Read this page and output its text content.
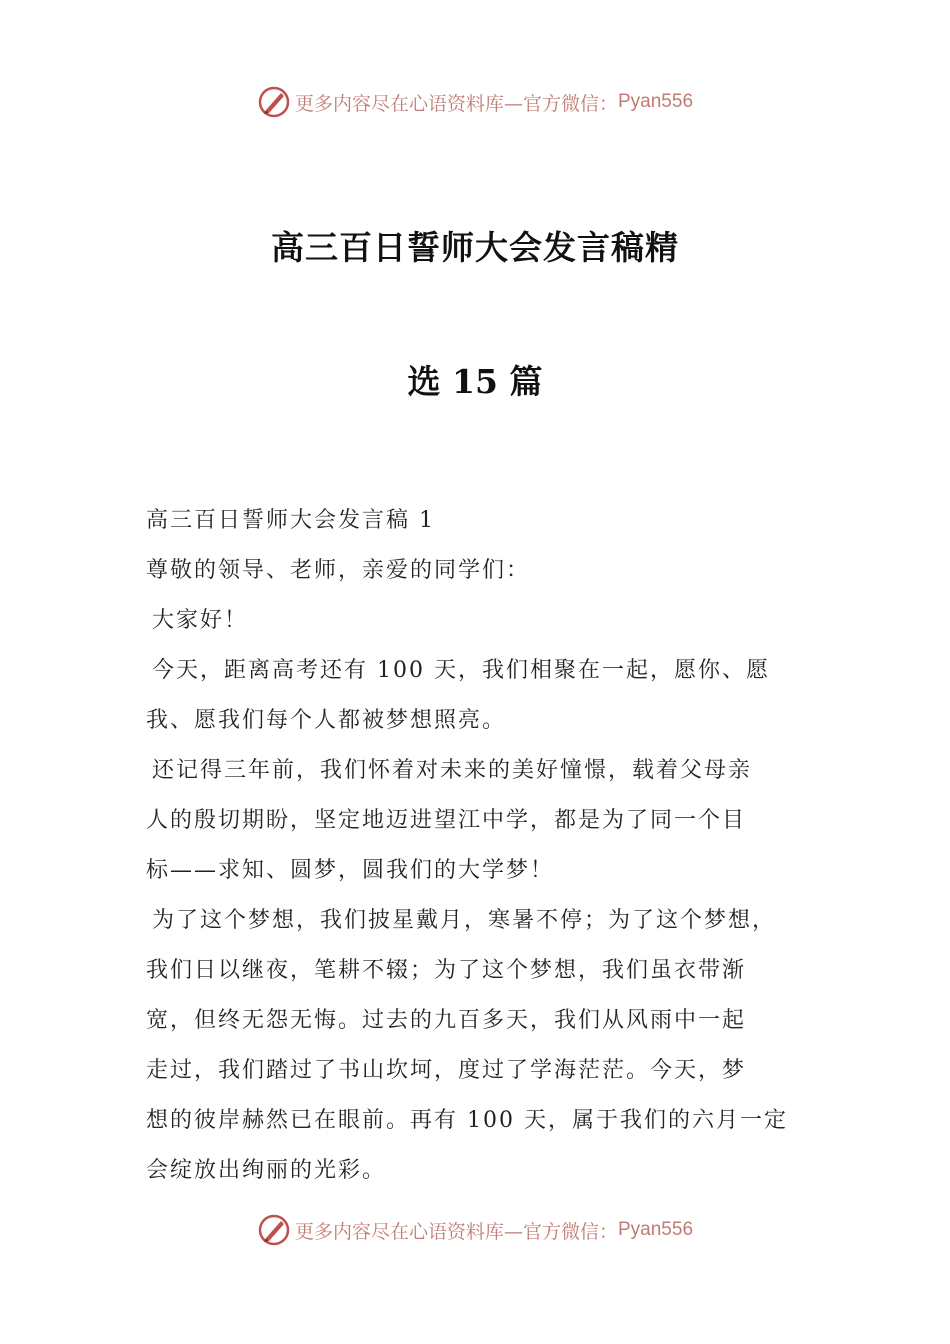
更多内容尽在心语资料库—官方微信： Pyan556
高三百日誓师大会发言稿精
选 15 篇
高三百日誓师大会发言稿 1
尊敬的领导、老师，亲爱的同学们：
大家好！
今天，距离高考还有 100 天，我们相聚在一起，愿你、愿
我、愿我们每个人都被梦想照亮。
还记得三年前，我们怀着对未来的美好憧憬，载着父母亲
人的殷切期盼，坚定地迈进望江中学，都是为了同一个目
标——求知、圆梦，圆我们的大学梦！
为了这个梦想，我们披星戴月，寒暑不停；为了这个梦想，
我们日以继夜，笔耕不辍；为了这个梦想，我们虽衣带渐
宽，但终无怨无悔。过去的九百多天，我们从风雨中一起
走过，我们踏过了书山坎坷，度过了学海茫茫。今天，梦
想的彼岸赫然已在眼前。再有 100 天，属于我们的六月一定
会绽放出绚丽的光彩。
更多内容尽在心语资料库—官方微信： Pyan556
